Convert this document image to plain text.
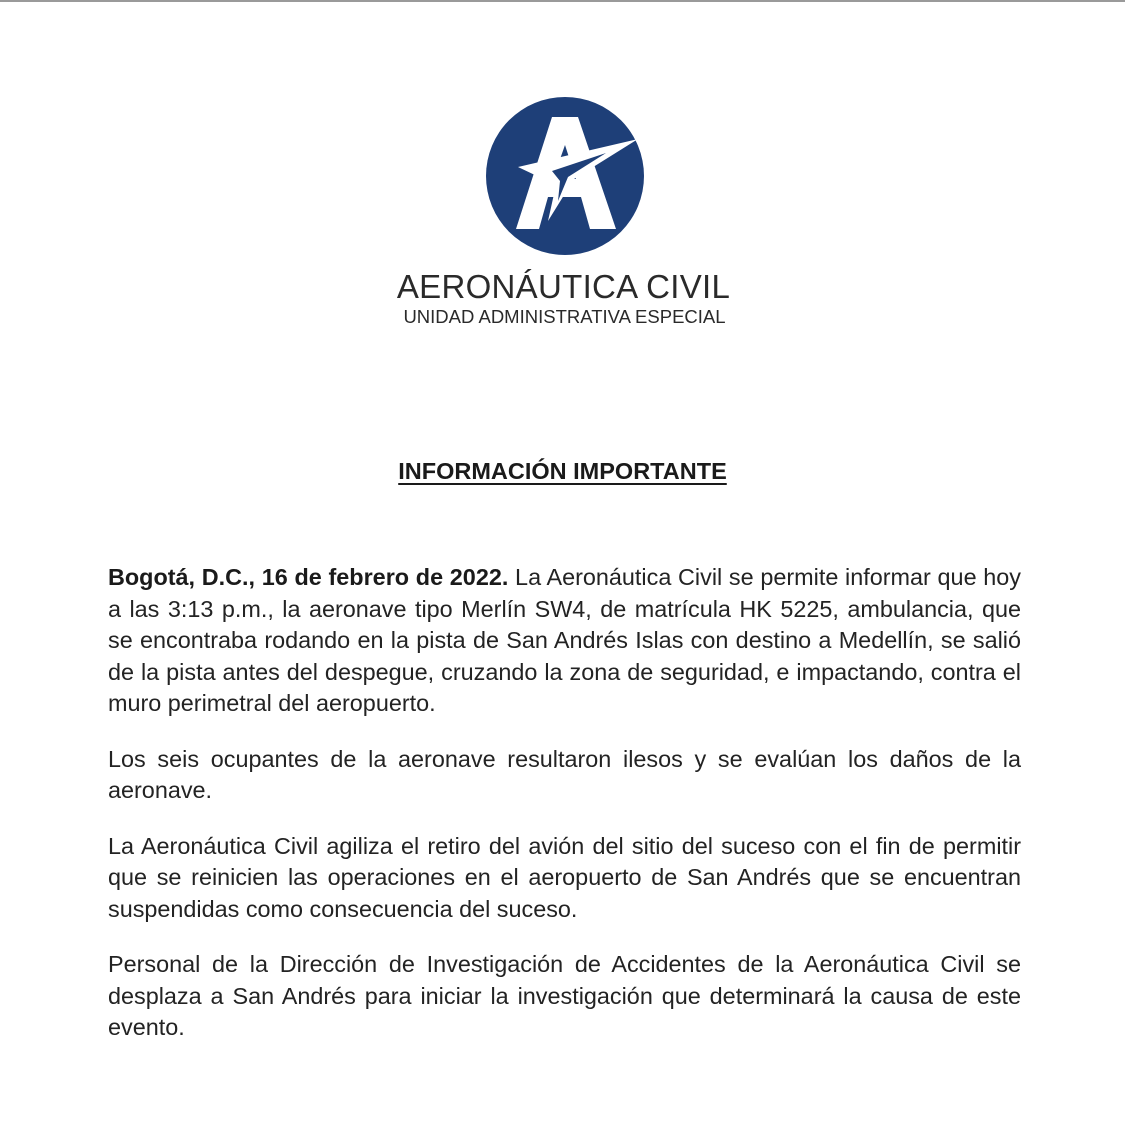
AERONÁUTICA CIVIL
UNIDAD ADMINISTRATIVA ESPECIAL
INFORMACIÓN IMPORTANTE

Bogotá, D.C., 16 de febrero de 2022. La Aeronáutica Civil se permite informar que hoy a las 3:13 p.m., la aeronave tipo Merlín SW4, de matrícula HK 5225, ambulancia, que se encontraba rodando en la pista de San Andrés Islas con destino a Medellín, se salió de la pista antes del despegue, cruzando la zona de seguridad, e impactando, contra el muro perimetral del aeropuerto.

Los seis ocupantes de la aeronave resultaron ilesos y se evalúan los daños de la aeronave.

La Aeronáutica Civil agiliza el retiro del avión del sitio del suceso con el fin de permitir que se reinicien las operaciones en el aeropuerto de San Andrés que se encuentran suspendidas como consecuencia del suceso.

Personal de la Dirección de Investigación de Accidentes de la Aeronáutica Civil se desplaza a San Andrés para iniciar la investigación que determinará la causa de este evento.
